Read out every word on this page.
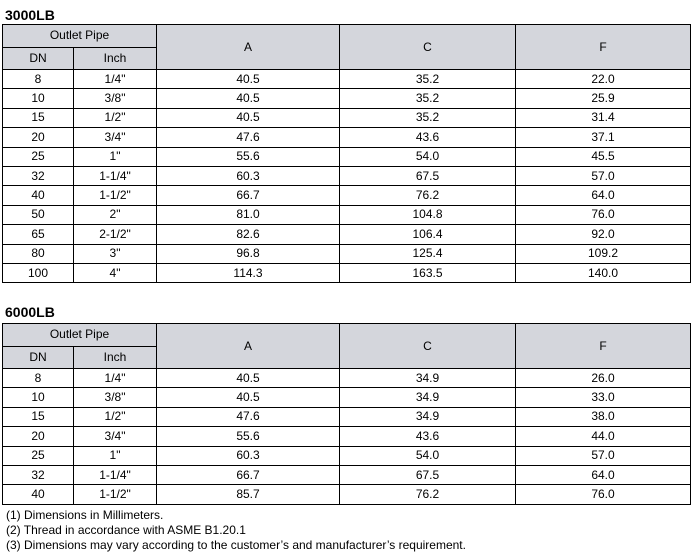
3000LB
Outlet Pipe		A	C	F
DN	Inch			
8	1/4"	40.5	35.2	22.0
10	3/8"	40.5	35.2	25.9
15	1/2"	40.5	35.2	31.4
20	3/4"	47.6	43.6	37.1
25	1"	55.6	54.0	45.5
32	1-1/4"	60.3	67.5	57.0
40	1-1/2"	66.7	76.2	64.0
50	2"	81.0	104.8	76.0
65	2-1/2"	82.6	106.4	92.0
80	3"	96.8	125.4	109.2
100	4"	114.3	163.5	140.0
6000LB
Outlet Pipe		A	C	F
DN	Inch			
8	1/4"	40.5	34.9	26.0
10	3/8"	40.5	34.9	33.0
15	1/2"	47.6	34.9	38.0
20	3/4"	55.6	43.6	44.0
25	1"	60.3	54.0	57.0
32	1-1/4"	66.7	67.5	64.0
40	1-1/2"	85.7	76.2	76.0
(1) Dimensions in Millimeters.
(2) Thread in accordance with ASME B1.20.1
(3) Dimensions may vary according to the customer’s and manufacturer’s requirement.
